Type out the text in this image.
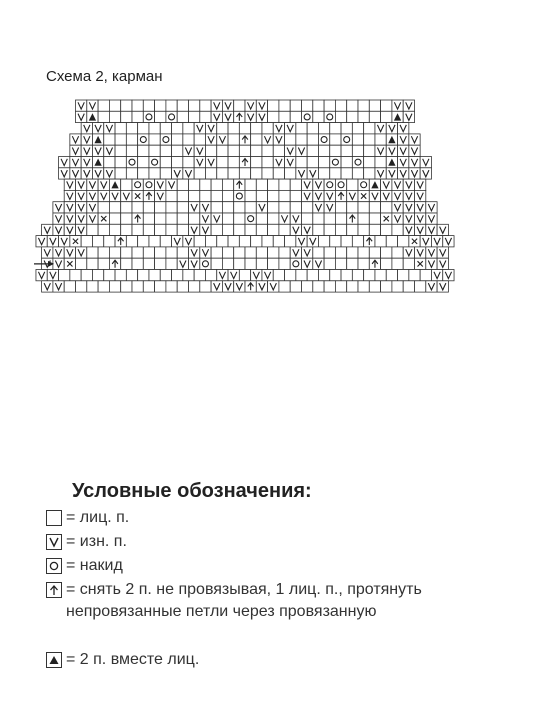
Схема 2, карман
Условные обозначения:
= лиц. п.
= изн. п.
= накид
= снять 2 п. не провязывая, 1 лиц. п., протянуть непровязанные петли через провязанную
= 2 п. вместе лиц.
